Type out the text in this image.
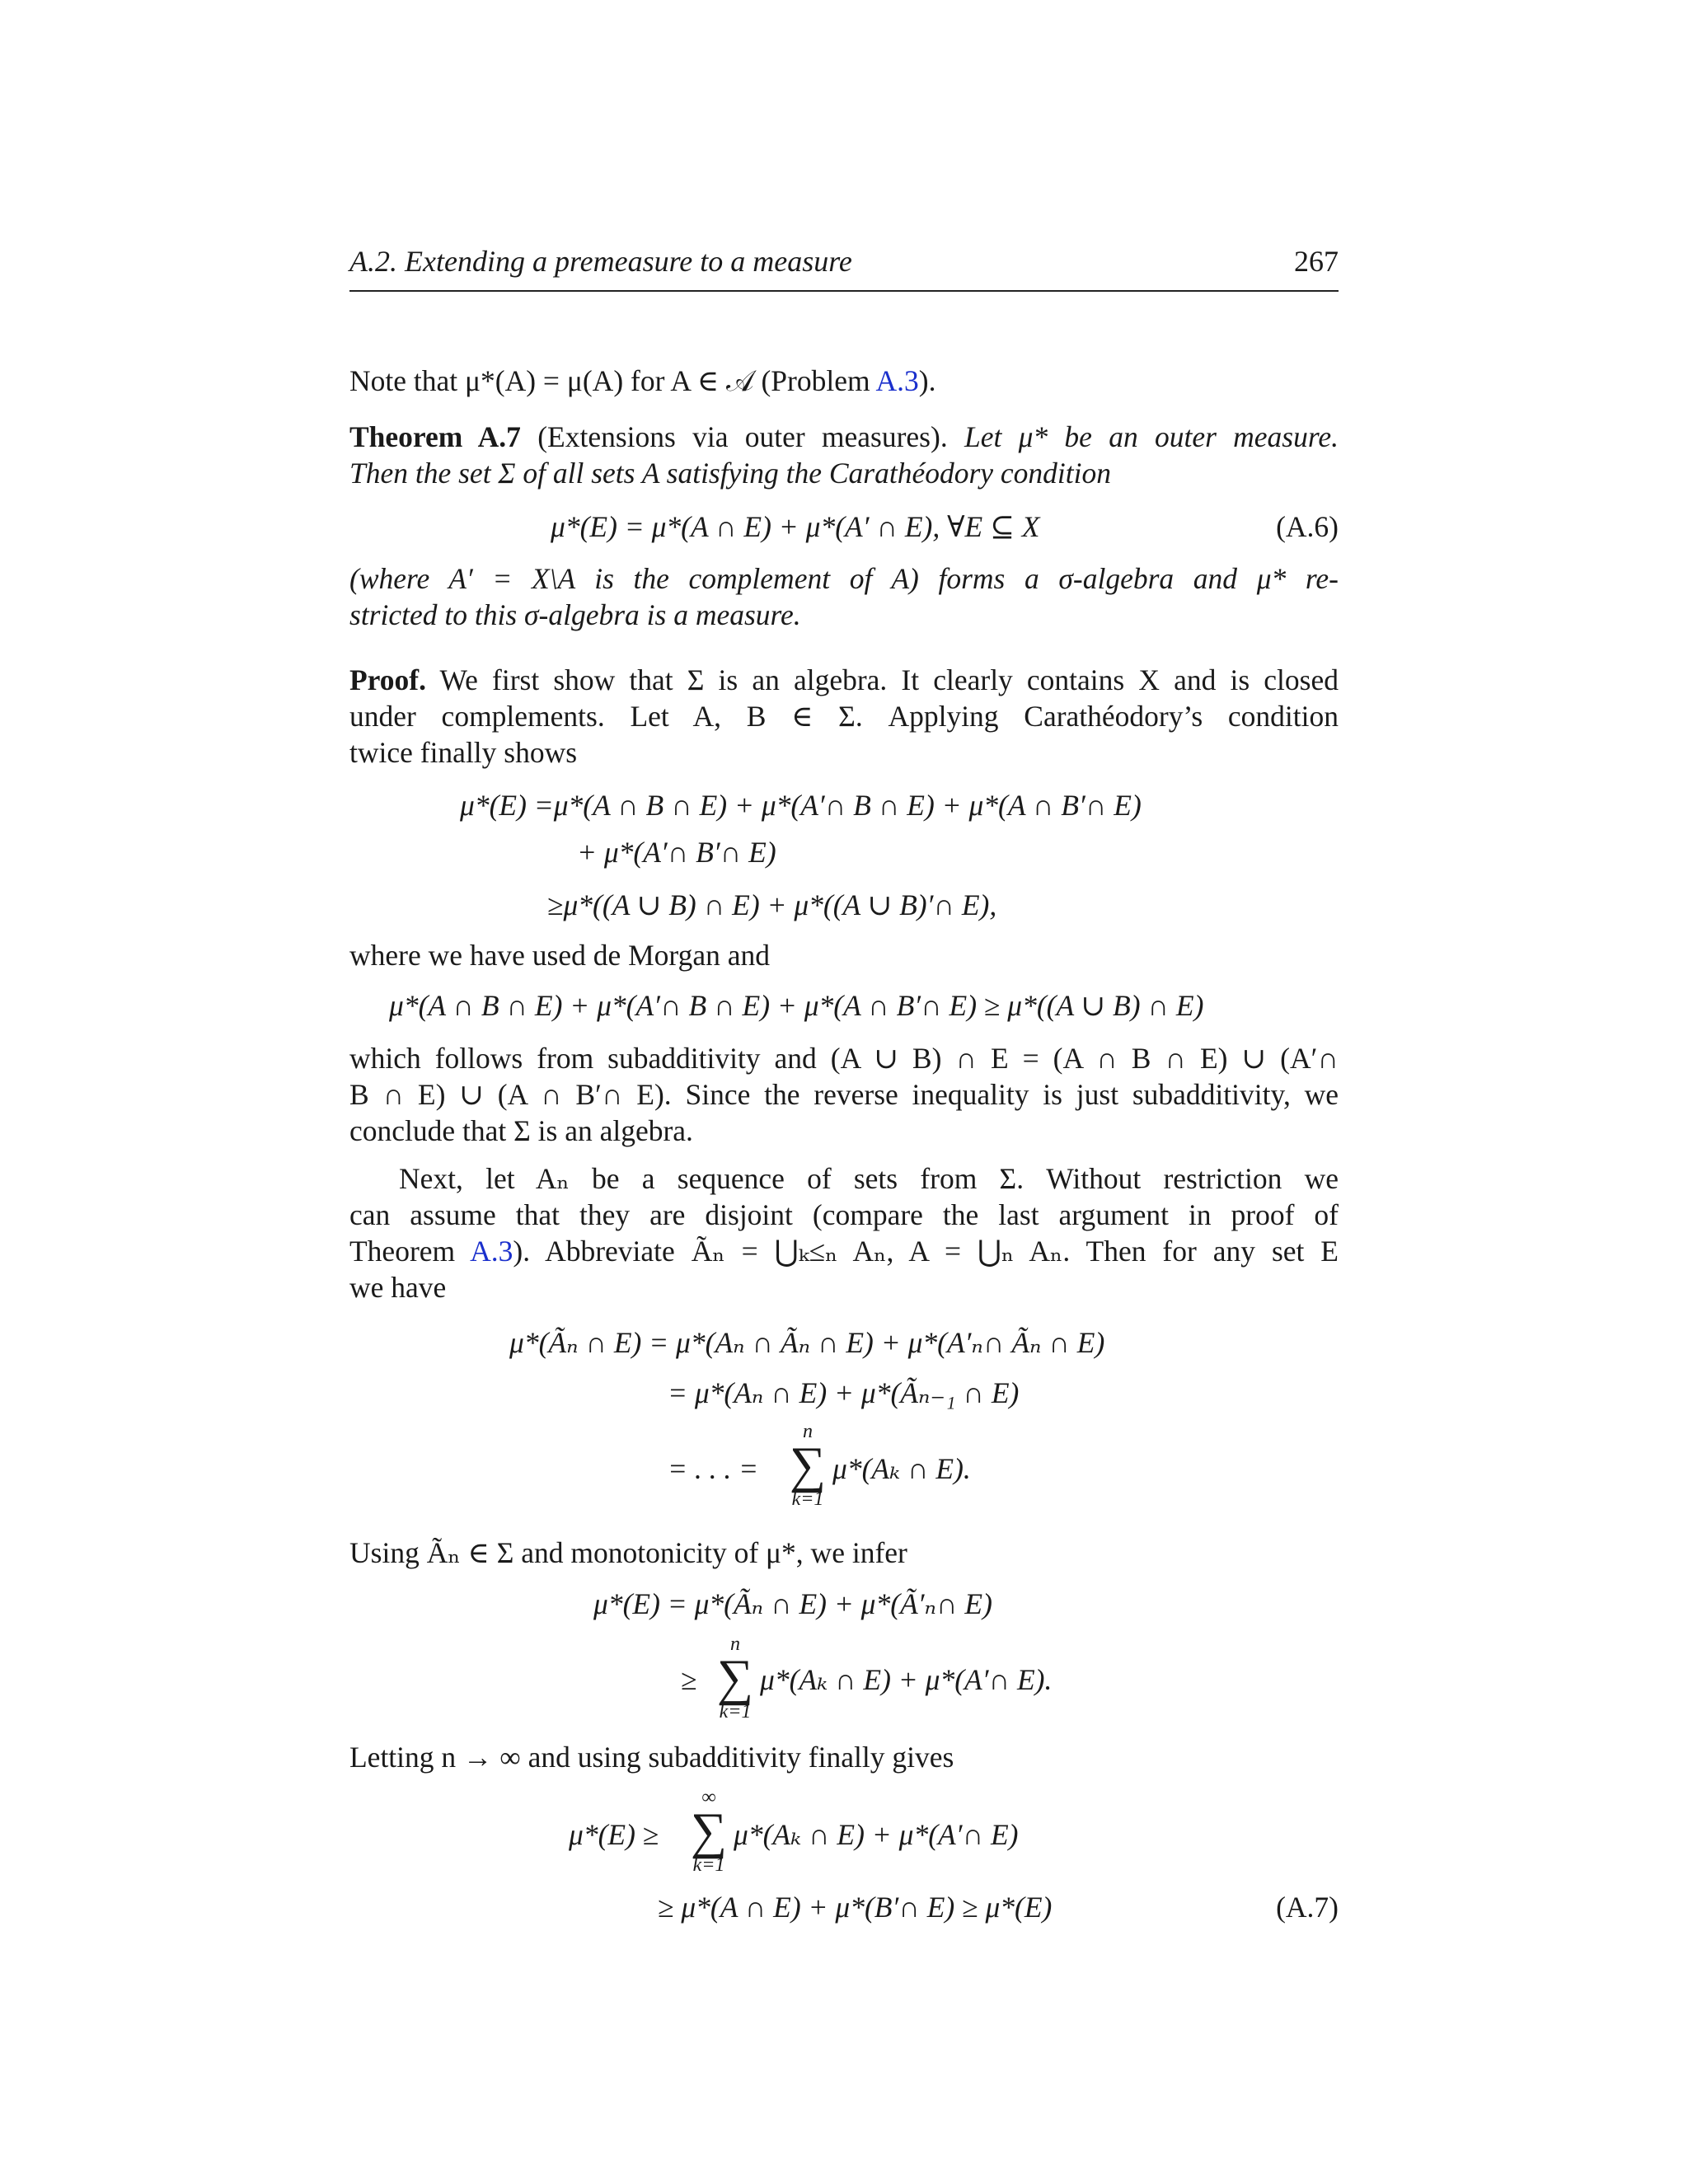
A.2. Extending a premeasure to a measure	267
Note that μ*(A) = μ(A) for A ∈ 𝒜 (Problem A.3).
Theorem A.7 (Extensions via outer measures). Let μ* be an outer measure.
Then the set Σ of all sets A satisfying the Carathéodory condition
μ*(E) = μ*(A ∩ E) + μ*(A′ ∩ E), ∀E ⊆ X	(A.6)
(where A′ = X\A is the complement of A) forms a σ-algebra and μ* re-
stricted to this σ-algebra is a measure.
Proof. We first show that Σ is an algebra. It clearly contains X and is closed
under complements. Let A, B ∈ Σ. Applying Carathéodory’s condition
twice finally shows
μ*(E) =μ*(A ∩ B ∩ E) + μ*(A′∩ B ∩ E) + μ*(A ∩ B′∩ E)
+ μ*(A′∩ B′∩ E)
≥μ*((A ∪ B) ∩ E) + μ*((A ∪ B)′∩ E),
where we have used de Morgan and
μ*(A ∩ B ∩ E) + μ*(A′∩ B ∩ E) + μ*(A ∩ B′∩ E) ≥ μ*((A ∪ B) ∩ E)
which follows from subadditivity and (A ∪ B) ∩ E = (A ∩ B ∩ E) ∪ (A′∩
B ∩ E) ∪ (A ∩ B′∩ E). Since the reverse inequality is just subadditivity, we
conclude that Σ is an algebra.
Next, let Aₙ be a sequence of sets from Σ. Without restriction we
can assume that they are disjoint (compare the last argument in proof of
Theorem A.3). Abbreviate Ãₙ = ⋃ₖ≤ₙ Aₙ, A = ⋃ₙ Aₙ. Then for any set E
we have
μ*(Ãₙ ∩ E) = μ*(Aₙ ∩ Ãₙ ∩ E) + μ*(A′ₙ∩ Ãₙ ∩ E)
= μ*(Aₙ ∩ E) + μ*(Ãₙ₋₁ ∩ E)
= . . . =
n
∑
k=1
μ*(Aₖ ∩ E).
Using Ãₙ ∈ Σ and monotonicity of μ*, we infer
μ*(E) = μ*(Ãₙ ∩ E) + μ*(Ã′ₙ∩ E)
≥
n
∑
k=1
μ*(Aₖ ∩ E) + μ*(A′∩ E).
Letting n → ∞ and using subadditivity finally gives
μ*(E) ≥
∞
∑
k=1
μ*(Aₖ ∩ E) + μ*(A′∩ E)
≥ μ*(A ∩ E) + μ*(B′∩ E) ≥ μ*(E)	(A.7)
